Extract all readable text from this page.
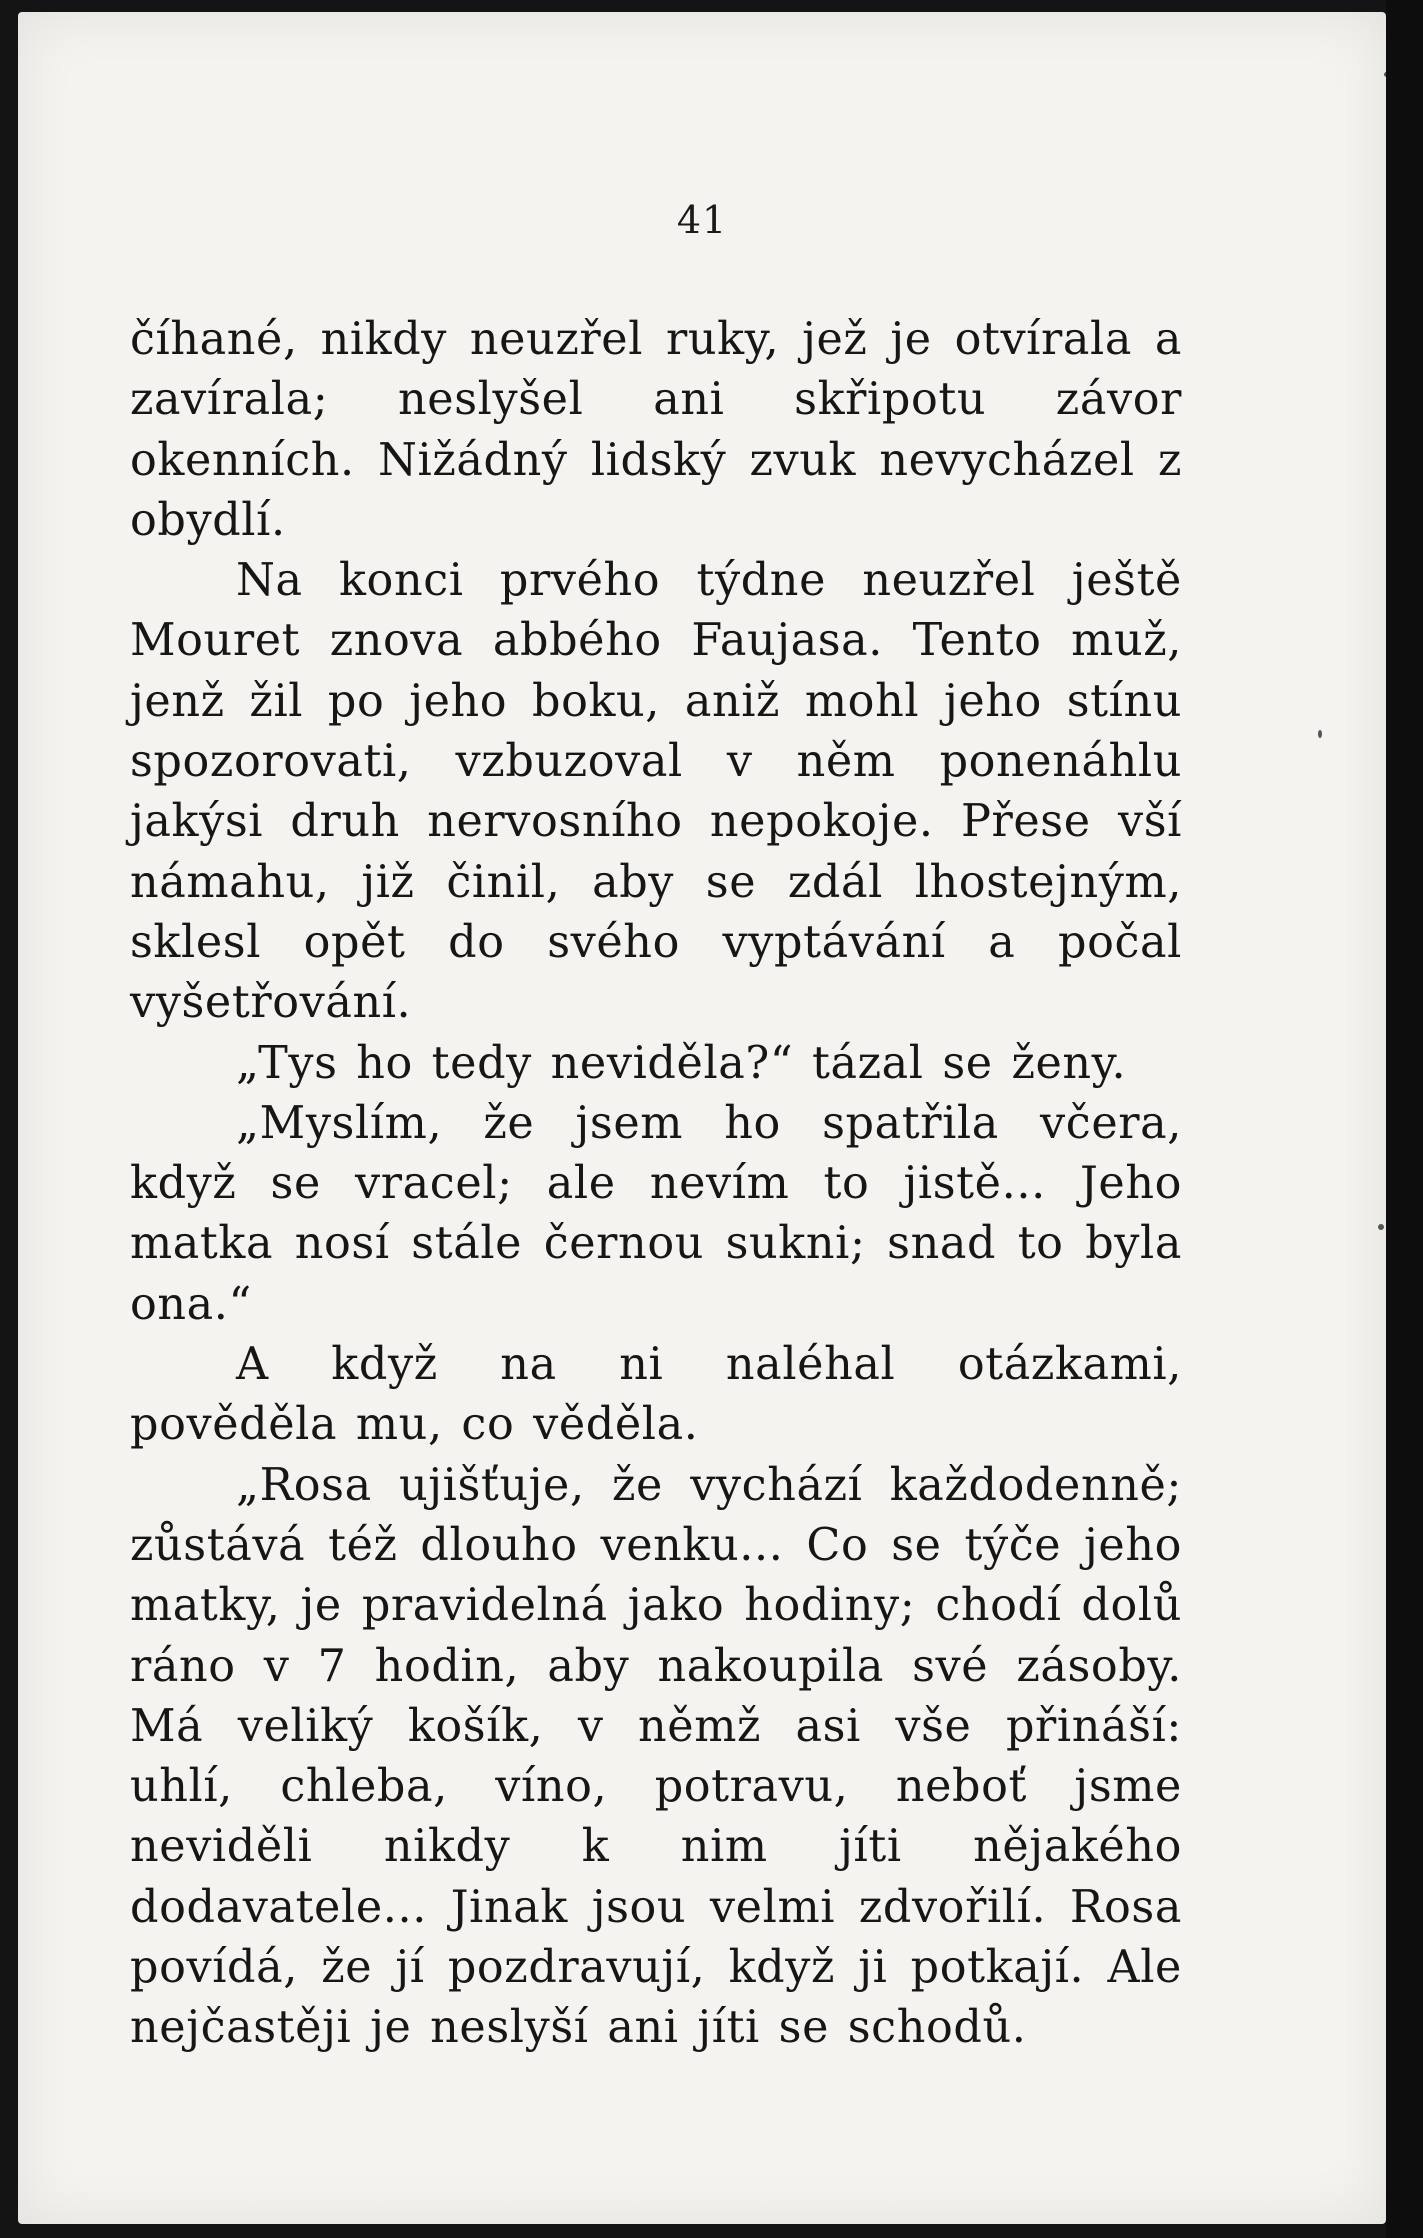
41

číhané, nikdy neuzřel ruky, jež je otvírala a zavírala; neslyšel ani skřipotu závor okenních. Nižádný lidský zvuk nevycházel z obydlí.

Na konci prvého týdne neuzřel ještě Mouret znova abbého Faujasa. Tento muž, jenž žil po jeho boku, aniž mohl jeho stínu spozorovati, vzbuzoval v něm ponenáhlu jakýsi druh nervosního nepokoje. Přese vší námahu, již činil, aby se zdál lhostejným, sklesl opět do svého vyptávání a počal vyšetřování.

„Tys ho tedy neviděla?“ tázal se ženy.

„Myslím, že jsem ho spatřila včera, když se vracel; ale nevím to jistě... Jeho matka nosí stále černou sukni; snad to byla ona.“

A když na ni naléhal otázkami, pověděla mu, co věděla.

„Rosa ujišťuje, že vychází každodenně; zůstává též dlouho venku... Co se týče jeho matky, je pravidelná jako hodiny; chodí dolů ráno v 7 hodin, aby nakoupila své zásoby. Má veliký košík, v němž asi vše přináší: uhlí, chleba, víno, potravu, neboť jsme neviděli nikdy k nim jíti nějakého dodavatele... Jinak jsou velmi zdvořilí. Rosa povídá, že jí pozdravují, když ji potkají. Ale nejčastěji je neslyší ani jíti se schodů.
